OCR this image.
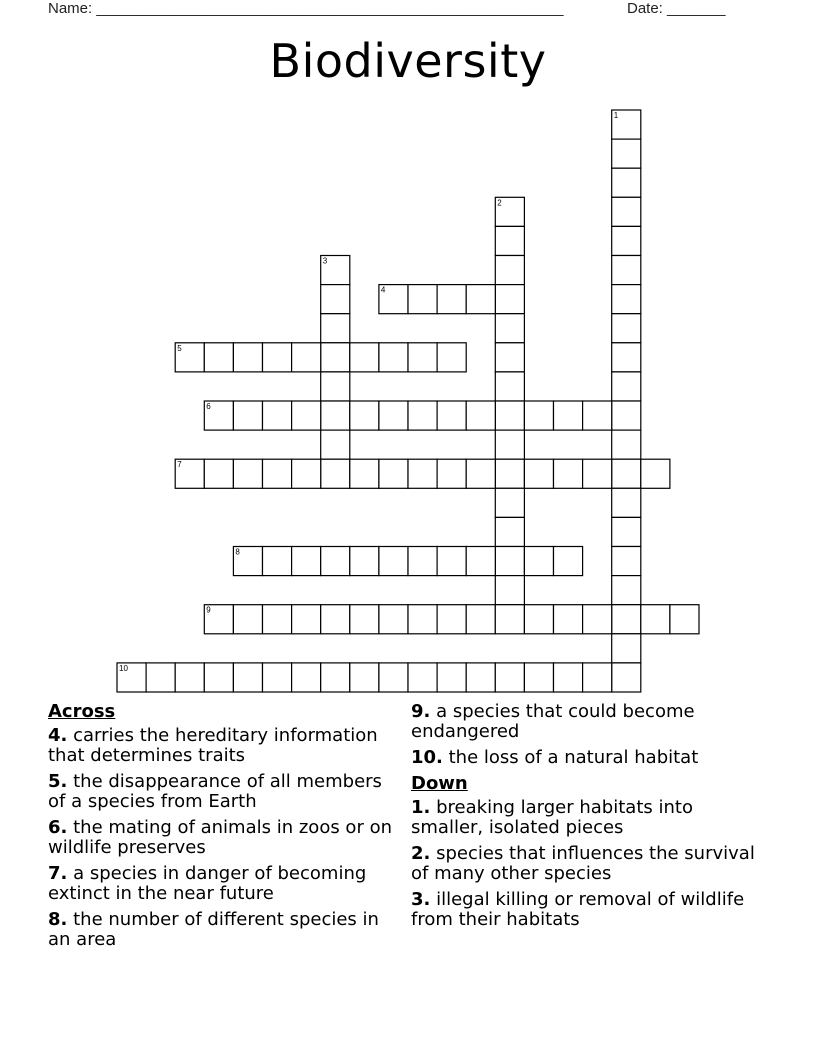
Name: ________________________________________________________	Date: _______
Biodiversity
1
2
3
4
5
6
7
8
9
10
Across
4. carries the hereditary information that determines traits
5. the disappearance of all members of a species from Earth
6. the mating of animals in zoos or on wildlife preserves
7. a species in danger of becoming extinct in the near future
8. the number of different species in an area
9. a species that could become endangered
10. the loss of a natural habitat
Down
1. breaking larger habitats into smaller, isolated pieces
2. species that influences the survival of many other species
3. illegal killing or removal of wildlife from their habitats
